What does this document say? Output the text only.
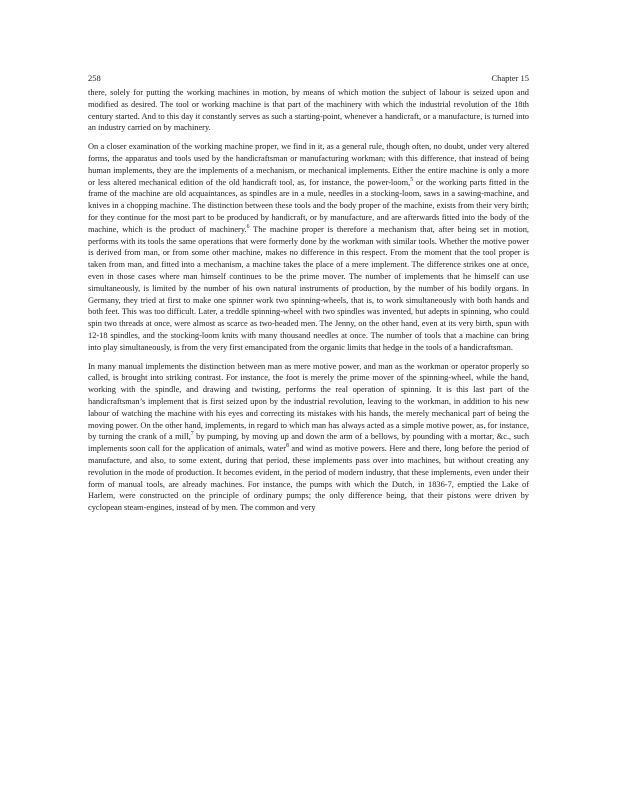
258	Chapter 15

there, solely for putting the working machines in motion, by means of which motion the subject of labour is seized upon and modified as desired. The tool or working machine is that part of the machinery with which the industrial revolution of the 18th century started. And to this day it constantly serves as such a starting-point, whenever a handicraft, or a manufacture, is turned into an industry carried on by machinery.

On a closer examination of the working machine proper, we find in it, as a general rule, though often, no doubt, under very altered forms, the apparatus and tools used by the handicraftsman or manufacturing workman; with this difference, that instead of being human implements, they are the implements of a mechanism, or mechanical implements. Either the entire machine is only a more or less altered mechanical edition of the old handicraft tool, as, for instance, the power-loom,$^5$ or the working parts fitted in the frame of the machine are old acquaintances, as spindles are in a mule, needles in a stocking-loom, saws in a sawing-machine, and knives in a chopping machine. The distinction between these tools and the body proper of the machine, exists from their very birth; for they continue for the most part to be produced by handicraft, or by manufacture, and are afterwards fitted into the body of the machine, which is the product of machinery.$^6$ The machine proper is therefore a mechanism that, after being set in motion, performs with its tools the same operations that were formerly done by the workman with similar tools. Whether the motive power is derived from man, or from some other machine, makes no difference in this respect. From the moment that the tool proper is taken from man, and fitted into a mechanism, a machine takes the place of a mere implement. The difference strikes one at once, even in those cases where man himself continues to be the prime mover. The number of implements that he himself can use simultaneously, is limited by the number of his own natural instruments of production, by the number of his bodily organs. In Germany, they tried at first to make one spinner work two spinning-wheels, that is, to work simultaneously with both hands and both feet. This was too difficult. Later, a treddle spinning-wheel with two spindles was invented, but adepts in spinning, who could spin two threads at once, were almost as scarce as two-headed men. The Jenny, on the other hand, even at its very birth, spun with 12-18 spindles, and the stocking-loom knits with many thousand needles at once. The number of tools that a machine can bring into play simultaneously, is from the very first emancipated from the organic limits that hedge in the tools of a handicraftsman.

In many manual implements the distinction between man as mere motive power, and man as the workman or operator properly so called, is brought into striking contrast. For instance, the foot is merely the prime mover of the spinning-wheel, while the hand, working with the spindle, and drawing and twisting, performs the real operation of spinning. It is this last part of the handicraftsman’s implement that is first seized upon by the industrial revolution, leaving to the workman, in addition to his new labour of watching the machine with his eyes and correcting its mistakes with his hands, the merely mechanical part of being the moving power. On the other hand, implements, in regard to which man has always acted as a simple motive power, as, for instance, by turning the crank of a mill,$^7$ by pumping, by moving up and down the arm of a bellows, by pounding with a mortar, &c., such implements soon call for the application of animals, water$^8$ and wind as motive powers. Here and there, long before the period of manufacture, and also, to some extent, during that period, these implements pass over into machines, but without creating any revolution in the mode of production. It becomes evident, in the period of modern industry, that these implements, even under their form of manual tools, are already machines. For instance, the pumps with which the Dutch, in 1836-7, emptied the Lake of Harlem, were constructed on the principle of ordinary pumps; the only difference being, that their pistons were driven by cyclopean steam-engines, instead of by men. The common and very
